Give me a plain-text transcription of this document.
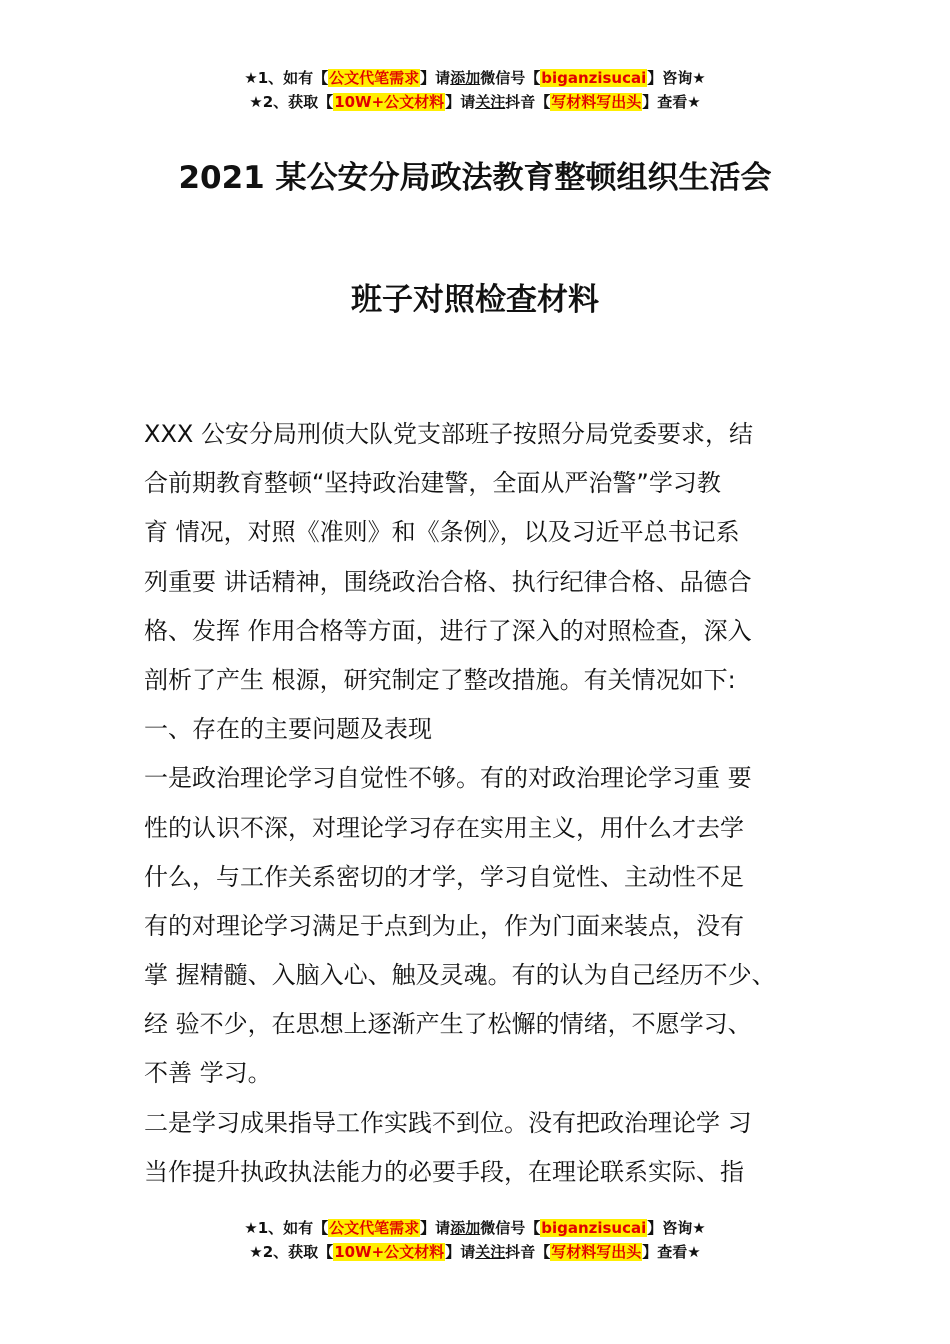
★1、如有【公文代笔需求】请添加微信号【biganzisucai】咨询★
★2、获取【10W+公文材料】请关注抖音【写材料写出头】查看★
2021 某公安分局政法教育整顿组织生活会
班子对照检查材料
XXX 公安分局刑侦大队党支部班子按照分局党委要求，结
合前期教育整顿“坚持政治建警，全面从严治警”学习教
育 情况，对照《准则》和《条例》，以及习近平总书记系
列重要 讲话精神，围绕政治合格、执行纪律合格、品德合
格、发挥 作用合格等方面，进行了深入的对照检查，深入
剖析了产生 根源，研究制定了整改措施。有关情况如下:
一、存在的主要问题及表现
一是政治理论学习自觉性不够。有的对政治理论学习重 要
性的认识不深，对理论学习存在实用主义，用什么才去学
什么，与工作关系密切的才学，学习自觉性、主动性不足
有的对理论学习满足于点到为止，作为门面来装点，没有
掌 握精髓、入脑入心、触及灵魂。有的认为自己经历不少、
经 验不少，在思想上逐渐产生了松懈的情绪，不愿学习、
不善 学习。
二是学习成果指导工作实践不到位。没有把政治理论学 习
当作提升执政执法能力的必要手段，在理论联系实际、指
★1、如有【公文代笔需求】请添加微信号【biganzisucai】咨询★
★2、获取【10W+公文材料】请关注抖音【写材料写出头】查看★
